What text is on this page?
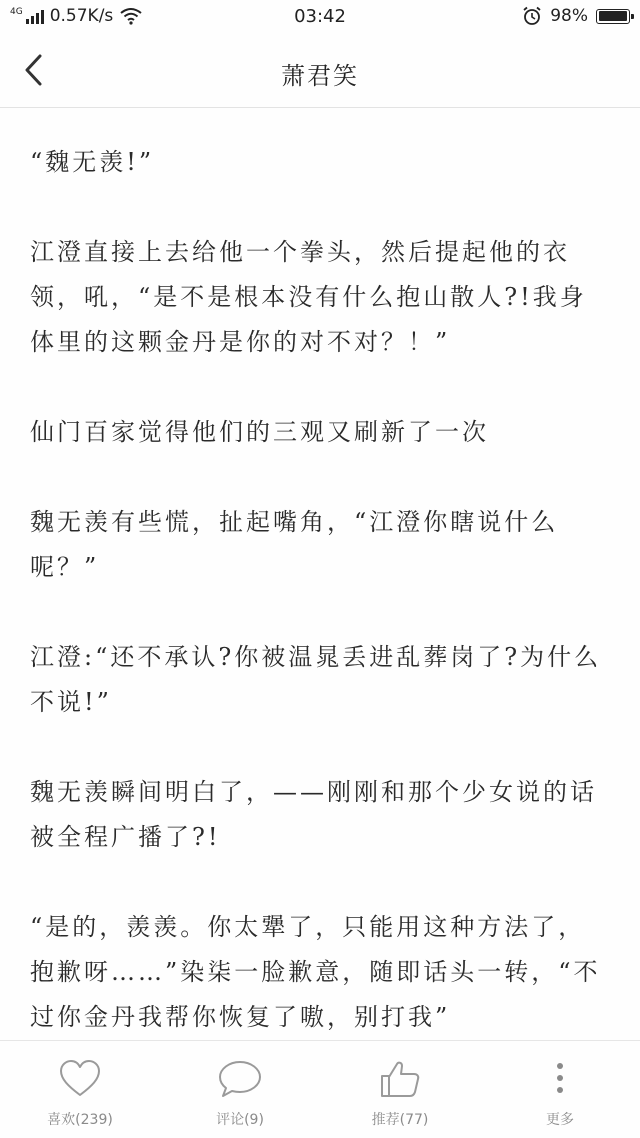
4G 0.57K/s	03:42	98%
萧君笑

“魏无羡!”

江澄直接上去给他一个拳头，然后提起他的衣领，吼，“是不是根本没有什么抱山散人?!我身体里的这颗金丹是你的对不对？！”

仙门百家觉得他们的三观又刷新了一次

魏无羡有些慌，扯起嘴角，“江澄你瞎说什么呢？”

江澄:“还不承认?你被温晁丢进乱葬岗了?为什么不说!”

魏无羡瞬间明白了，——刚刚和那个少女说的话被全程广播了?!

“是的，羡羡。你太犟了，只能用这种方法了，抱歉呀……”染柒一脸歉意，随即话头一转，“不过你金丹我帮你恢复了嗷，别打我”

喜欢(239)	评论(9)	推荐(77)	更多
